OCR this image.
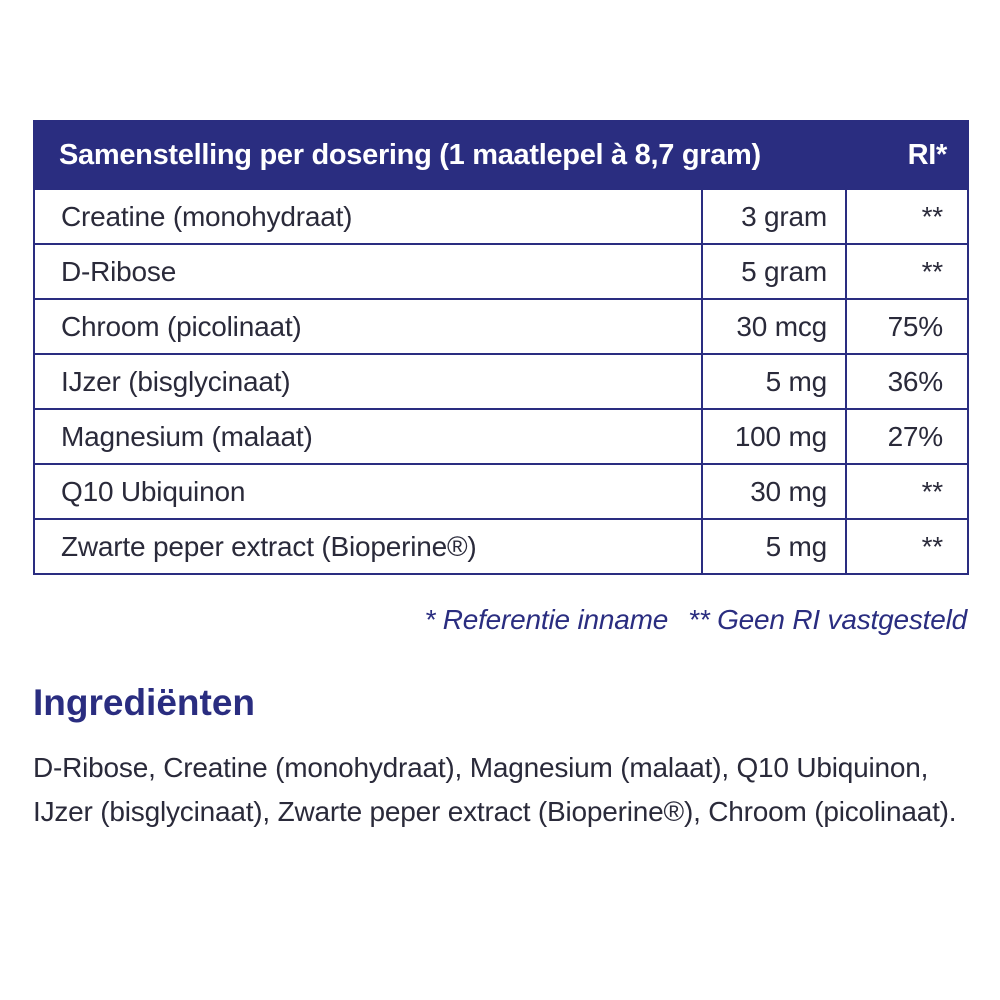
Samenstelling per dosering (1 maatlepel à 8,7 gram)		RI*
Creatine (monohydraat)	3 gram	**
D-Ribose	5 gram	**
Chroom (picolinaat)	30 mcg	75%
IJzer (bisglycinaat)	5 mg	36%
Magnesium (malaat)	100 mg	27%
Q10 Ubiquinon	30 mg	**
Zwarte peper extract (Bioperine®)	5 mg	**
* Referentie inname ** Geen RI vastgesteld
Ingrediënten

D-Ribose, Creatine (monohydraat), Magnesium (malaat), Q10 Ubiquinon, IJzer (bisglycinaat), Zwarte peper extract (Bioperine®), Chroom (picolinaat).
